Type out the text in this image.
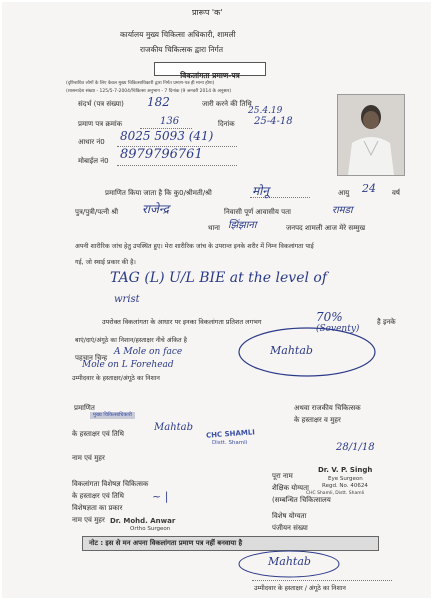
प्रारूप 'क'
कार्यालय मुख्य चिकित्सा अधिकारी, शामली
राजकीय चिकित्सक द्वारा निर्गत
विकलांगता प्रमाण-पत्र
(दृष्टिबाधित लोगों के लिए केवल मुख्य चिकित्साधिकारी द्वारा निर्गत प्रमाण-पत्र ही मान्य होगा)
(शासनादेश संख्या - 125/5-7-2004/चिकित्सा अनुभाग - 7 दिनांक (9 जनवरी 2014 के अनुसार)
संदर्भ (पत्र संख्या) 182	जारी करने की तिथि
25.4.19
प्रमाण पत्र क्रमांक	136	दिनांक 25-4-18
आधार नं0 8025 5093 (41)
मोबाईल नं0 8979796761
प्रमाणित किया जाता है कि कु0/श्रीमती/श्री	मोनू	आयु 24 वर्ष
पुत्र/पुत्री/पत्नी श्री राजेन्द्र	निवासी पूर्ण आवासीय पता	रामडा
थाना झिंझाना	जनपद शामली आज मेरे सम्मुख
अपनी शारीरिक जांच हेतु उपस्थित हुए। मेरा शारीरिक जांच के उपरान्त इनके शरीर में निम्न विकलांगता पाई
गई, जो स्थाई प्रकार की है।
TAG (L) U/L BIE at the level of
wrist
उपरोक्त विकलांगता के आधार पर इनका विकलांगता प्रतिशत लगभग	70%	है इनके
(Seventy)
बाएं/दाएं/अंगूठे का निशान/हस्ताक्षर नीचे अंकित है
पहचान चिन्ह
A Mole on face
Mole on L Forehead
उम्मीदवार के हस्ताक्षर/अंगूठे का निशान
Mahtab
प्रमाणित
मुख्य चिकित्साधिकारी
के हस्ताक्षर एवं तिथि
Mahtab
नाम एवं मुहर
विकलांगता विशेषज्ञ चिकित्सक
के हस्ताक्षर एवं तिथि
विशेषज्ञता का प्रकार
नाम एवं मुहर
~ |
Dr. Mohd. Anwar
Ortho Surgeon
अथवा राजकीय चिकित्सक
के हस्ताक्षर व मुहर
CHC SHAMLI
Distt. Shamli	28/1/18
पूरा नाम
शैक्षिक योग्यता
(सम्बन्धित चिकित्सालय
विशेष योग्यता
पंजीयन संख्या
Dr. V. P. Singh
Eye Surgeon
Regd. No. 40624
CHC Shamli, Distt. Shamli
नोट : इस से मन अपना विकलांगता प्रमाण पत्र नहीं बनवाया है
Mahtab
उम्मीदवार के हस्ताक्षर / अंगूठे का निशान
